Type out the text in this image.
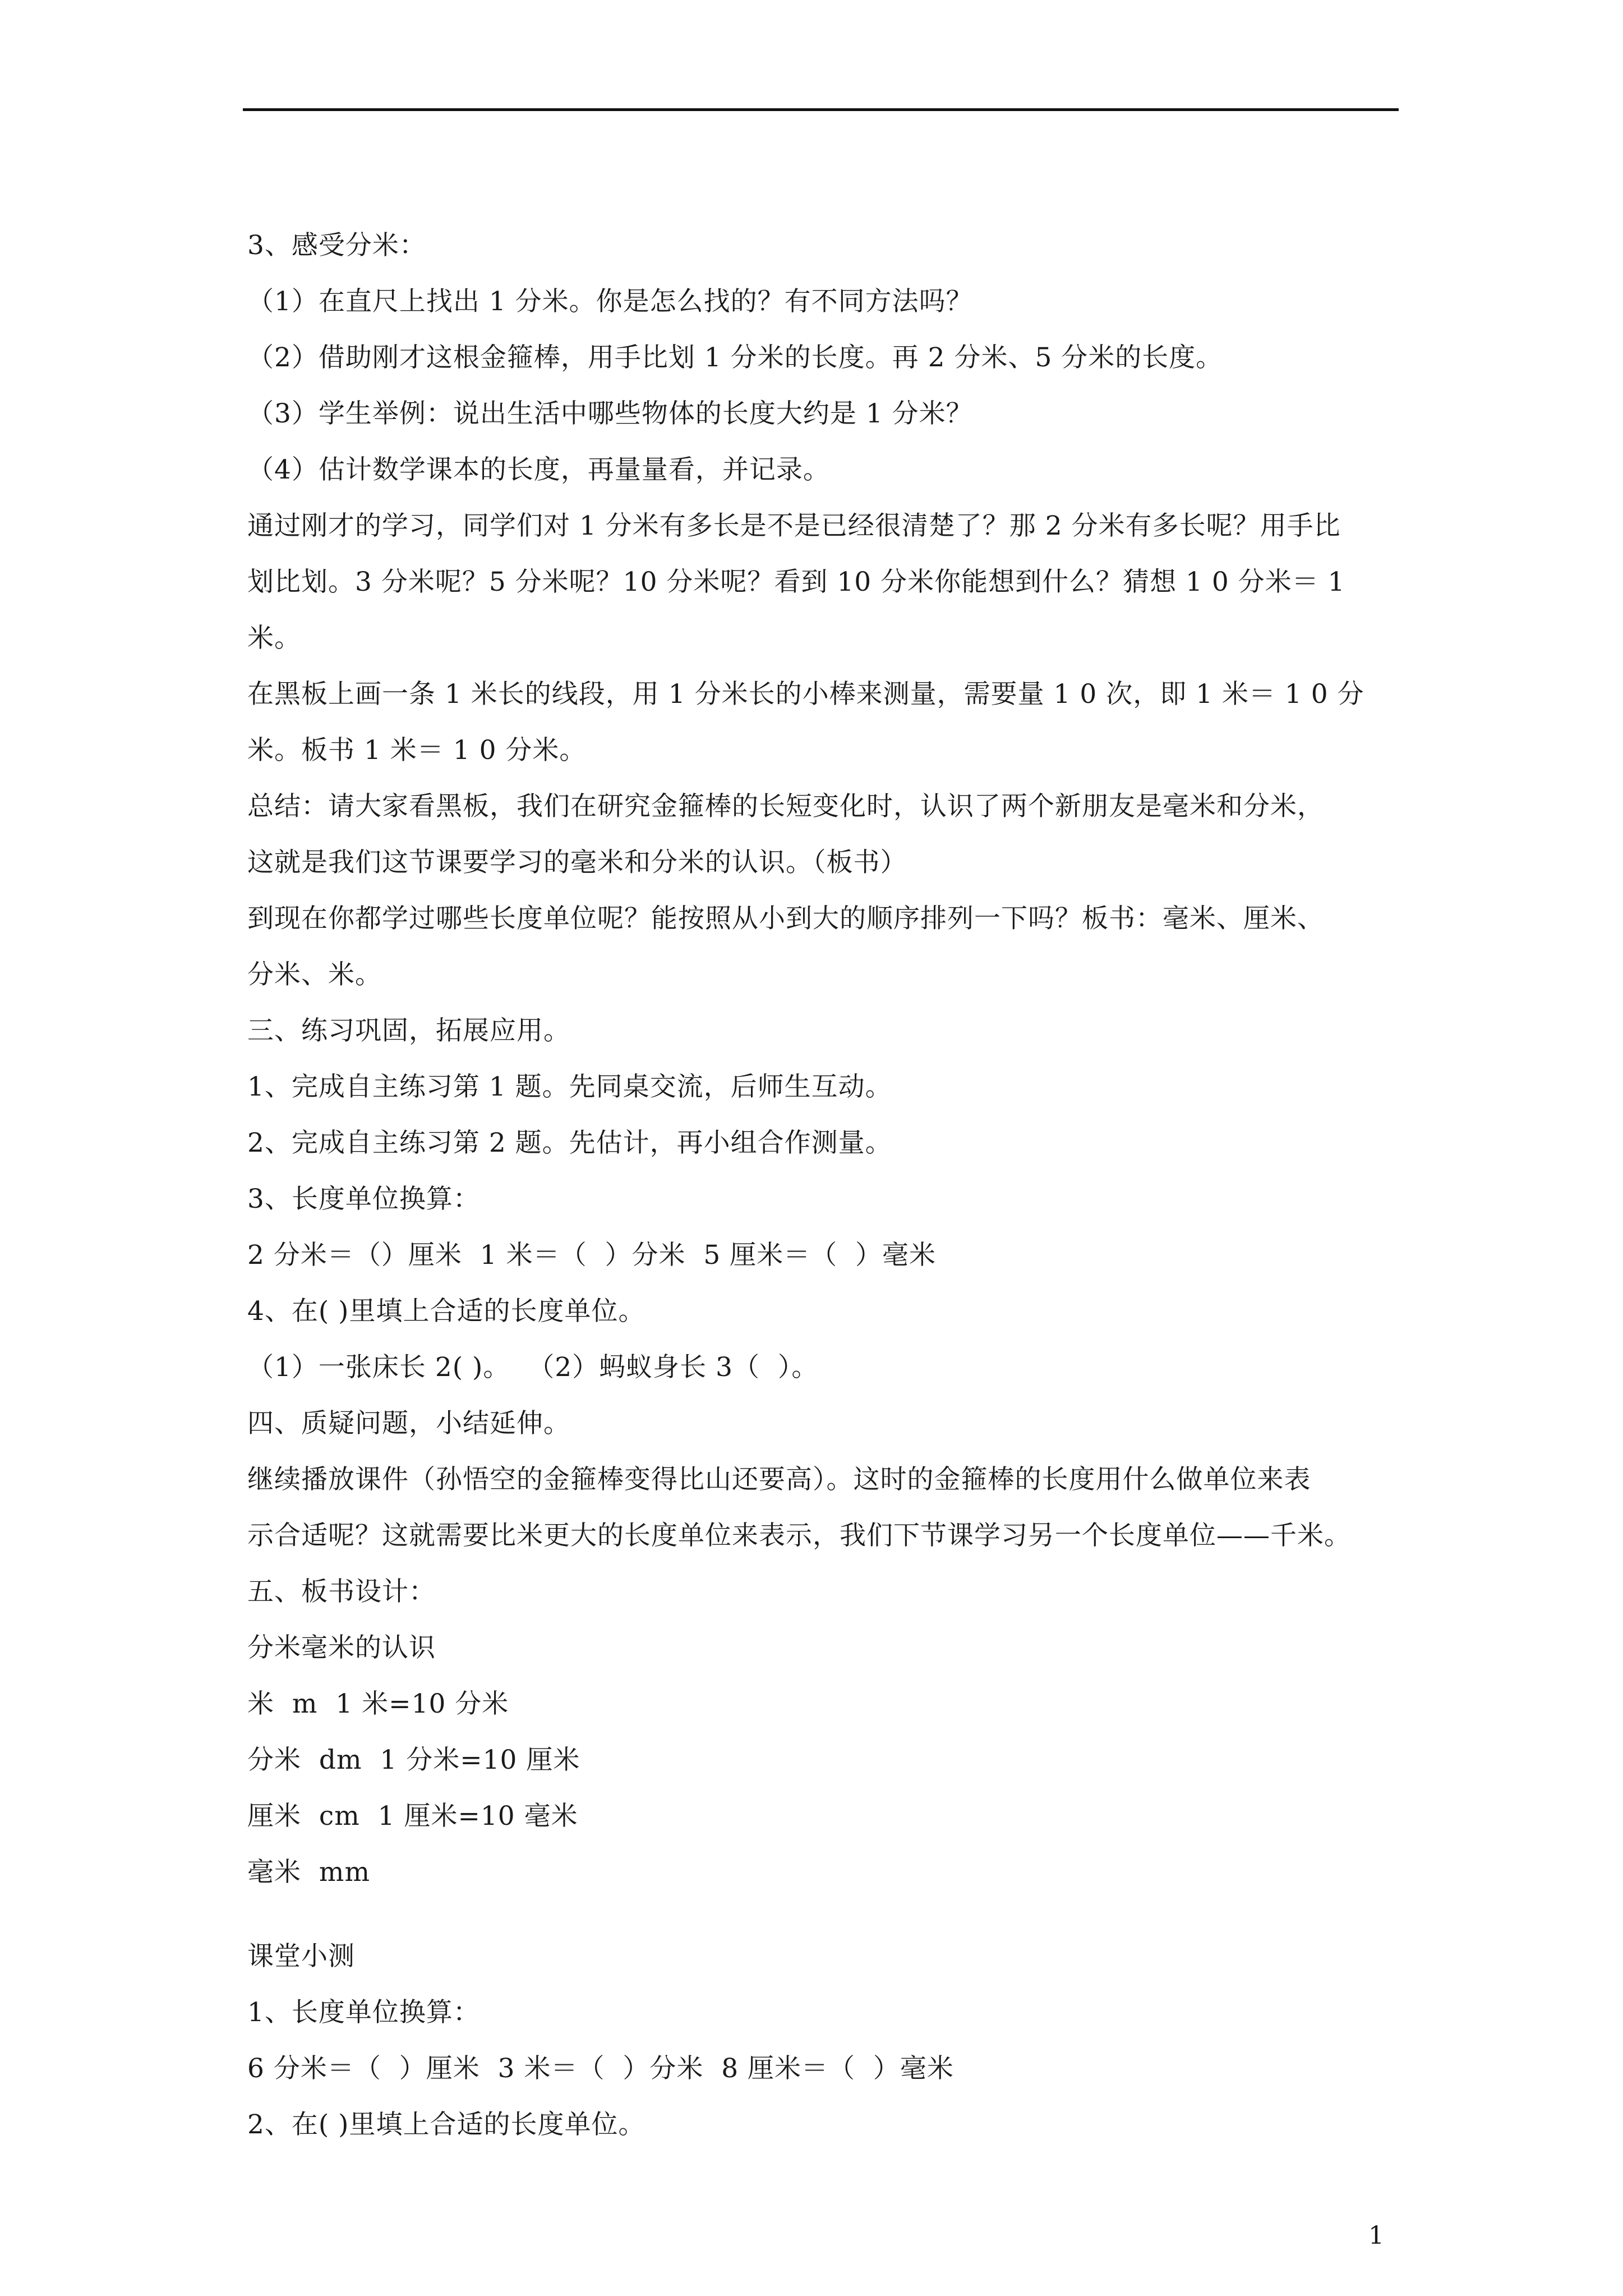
3、感受分米：
（1）在直尺上找出 1 分米。你是怎么找的？有不同方法吗？
（2）借助刚才这根金箍棒，用手比划 1 分米的长度。再 2 分米、5 分米的长度。
（3）学生举例：说出生活中哪些物体的长度大约是 1 分米？
（4）估计数学课本的长度，再量量看，并记录。
通过刚才的学习，同学们对 1 分米有多长是不是已经很清楚了？那 2 分米有多长呢？用手比
划比划。3 分米呢？5 分米呢？10 分米呢？看到 10 分米你能想到什么？猜想 1 0 分米＝ 1
米。
在黑板上画一条 1 米长的线段，用 1 分米长的小棒来测量，需要量 1 0 次，即 1 米＝ 1 0 分
米。板书 1 米＝ 1 0 分米。
总结：请大家看黑板，我们在研究金箍棒的长短变化时，认识了两个新朋友是毫米和分米，
这就是我们这节课要学习的毫米和分米的认识。（板书）
到现在你都学过哪些长度单位呢？能按照从小到大的顺序排列一下吗？板书：毫米、厘米、
分米、米。
三、练习巩固，拓展应用。
1、完成自主练习第 1 题。先同桌交流，后师生互动。
2、完成自主练习第 2 题。先估计，再小组合作测量。
3、长度单位换算：
2 分米＝（）厘米  1 米＝（  ）分米  5 厘米＝（  ）毫米
4、在( )里填上合适的长度单位。
（1）一张床长 2( )。  （2）蚂蚁身长 3（  ）。
四、质疑问题，小结延伸。
继续播放课件（孙悟空的金箍棒变得比山还要高）。这时的金箍棒的长度用什么做单位来表
示合适呢？这就需要比米更大的长度单位来表示，我们下节课学习另一个长度单位——千米。
五、板书设计：
分米毫米的认识
米  m  1 米=10 分米
分米  dm  1 分米=10 厘米
厘米  cm  1 厘米=10 毫米
毫米  mm
课堂小测
1、长度单位换算：
6 分米＝（  ）厘米  3 米＝（  ）分米  8 厘米＝（  ）毫米
2、在( )里填上合适的长度单位。
1
